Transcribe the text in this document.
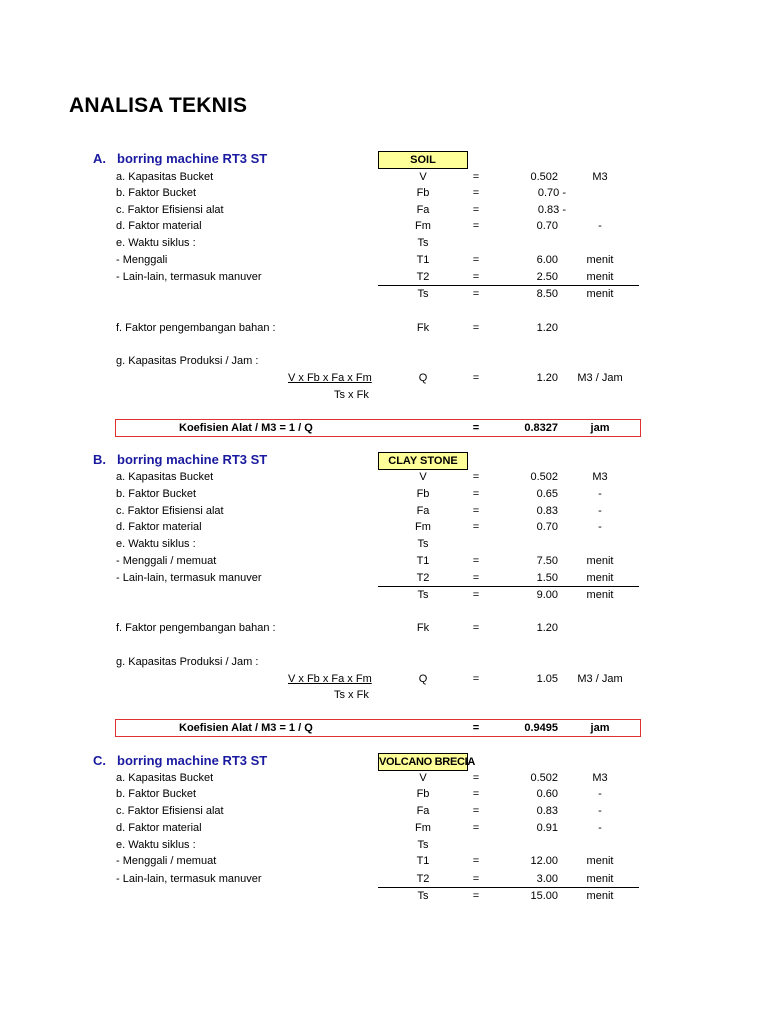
ANALISA TEKNIS
A. borring machine RT3 ST	SOIL
a. Kapasitas Bucket	V	=	0.502	M3
b. Faktor Bucket	Fb	=	0.70 -
c. Faktor Efisiensi alat	Fa	=	0.83 -
d. Faktor material	Fm	=	0.70	-
e. Waktu siklus :	Ts
- Menggali	T1	=	6.00	menit
- Lain-lain, termasuk manuver	T2	=	2.50	menit
Ts	=	8.50	menit
f. Faktor pengembangan bahan :	Fk	=	1.20
g. Kapasitas Produksi / Jam :
V x Fb x Fa x Fm
Ts x Fk
Q	=	1.20	M3 / Jam
Koefisien Alat / M3 = 1 / Q	=	0.8327	jam
B. borring machine RT3 ST	CLAY STONE
a. Kapasitas Bucket	V	=	0.502	M3
b. Faktor Bucket	Fb	=	0.65	-
c. Faktor Efisiensi alat	Fa	=	0.83	-
d. Faktor material	Fm	=	0.70	-
e. Waktu siklus :	Ts
- Menggali / memuat	T1	=	7.50	menit
- Lain-lain, termasuk manuver	T2	=	1.50	menit
Ts	=	9.00	menit
f. Faktor pengembangan bahan :	Fk	=	1.20
g. Kapasitas Produksi / Jam :
V x Fb x Fa x Fm
Ts x Fk
Q	=	1.05	M3 / Jam
Koefisien Alat / M3 = 1 / Q	=	0.9495	jam
C. borring machine RT3 ST	VOLCANO BRECIA
a. Kapasitas Bucket	V	=	0.502	M3
b. Faktor Bucket	Fb	=	0.60	-
c. Faktor Efisiensi alat	Fa	=	0.83	-
d. Faktor material	Fm	=	0.91	-
e. Waktu siklus :	Ts
- Menggali / memuat	T1	=	12.00	menit
- Lain-lain, termasuk manuver	T2	=	3.00	menit
Ts	=	15.00	menit
